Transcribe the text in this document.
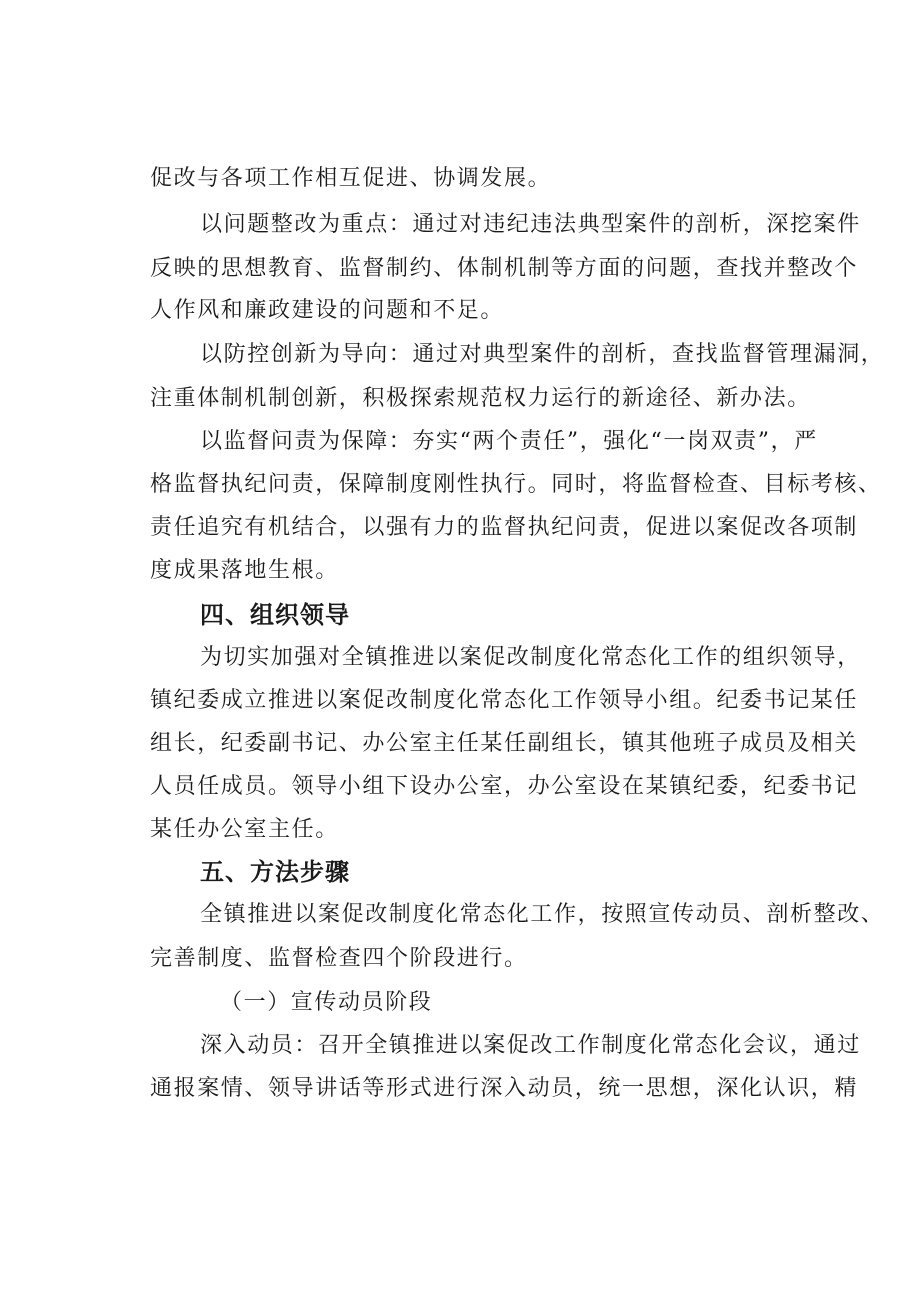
促改与各项工作相互促进、协调发展。
以问题整改为重点：通过对违纪违法典型案件的剖析，深挖案件
反映的思想教育、监督制约、体制机制等方面的问题，查找并整改个
人作风和廉政建设的问题和不足。
以防控创新为导向：通过对典型案件的剖析，查找监督管理漏洞，
注重体制机制创新，积极探索规范权力运行的新途径、新办法。
以监督问责为保障：夯实“两个责任”，强化“一岗双责”，严
格监督执纪问责，保障制度刚性执行。同时，将监督检查、目标考核、
责任追究有机结合，以强有力的监督执纪问责，促进以案促改各项制
度成果落地生根。
四、组织领导
为切实加强对全镇推进以案促改制度化常态化工作的组织领导，
镇纪委成立推进以案促改制度化常态化工作领导小组。纪委书记某任
组长，纪委副书记、办公室主任某任副组长，镇其他班子成员及相关
人员任成员。领导小组下设办公室，办公室设在某镇纪委，纪委书记
某任办公室主任。
五、方法步骤
全镇推进以案促改制度化常态化工作，按照宣传动员、剖析整改、
完善制度、监督检查四个阶段进行。
（一）宣传动员阶段
深入动员：召开全镇推进以案促改工作制度化常态化会议，通过
通报案情、领导讲话等形式进行深入动员，统一思想，深化认识，精
